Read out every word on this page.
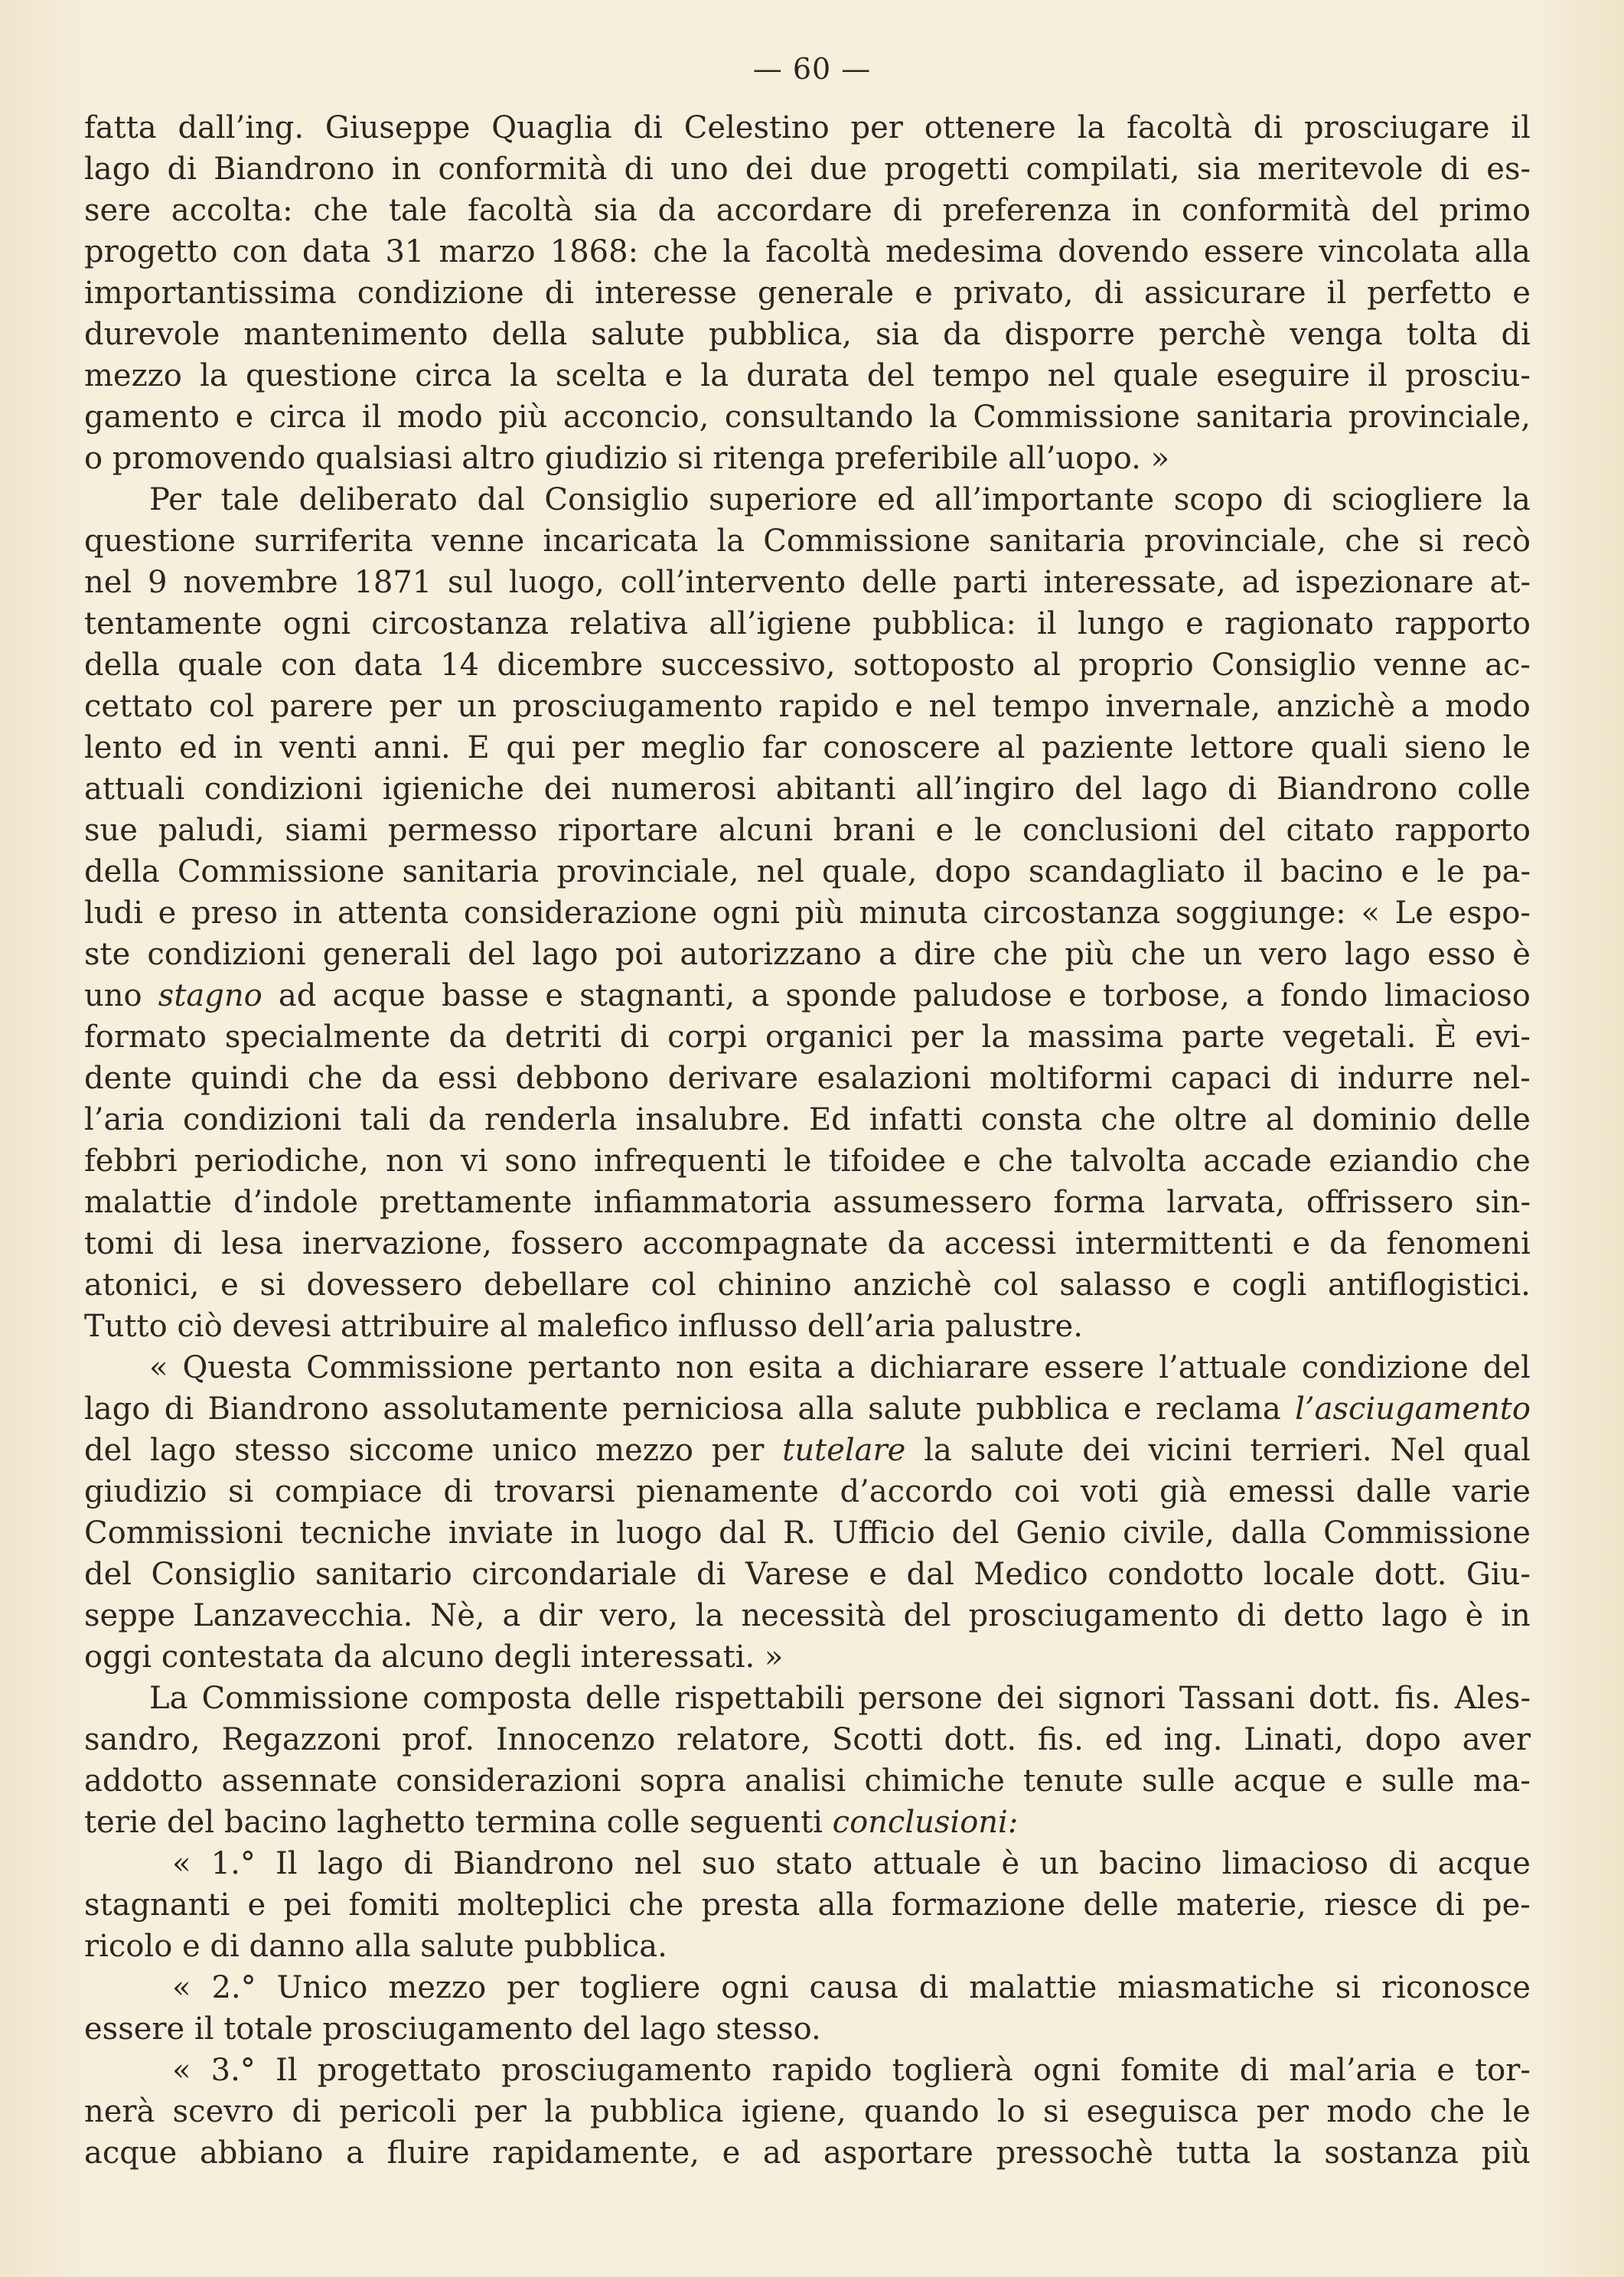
— 60 —
fatta dall’ing. Giuseppe Quaglia di Celestino per ottenere la facoltà di prosciugare il
lago di Biandrono in conformità di uno dei due progetti compilati, sia meritevole di es-
sere accolta: che tale facoltà sia da accordare di preferenza in conformità del primo
progetto con data 31 marzo 1868: che la facoltà medesima dovendo essere vincolata alla
importantissima condizione di interesse generale e privato, di assicurare il perfetto e
durevole mantenimento della salute pubblica, sia da disporre perchè venga tolta di
mezzo la questione circa la scelta e la durata del tempo nel quale eseguire il prosciu-
gamento e circa il modo più acconcio, consultando la Commissione sanitaria provinciale,
o promovendo qualsiasi altro giudizio si ritenga preferibile all’uopo. »
Per tale deliberato dal Consiglio superiore ed all’importante scopo di sciogliere la
questione surriferita venne incaricata la Commissione sanitaria provinciale, che si recò
nel 9 novembre 1871 sul luogo, coll’intervento delle parti interessate, ad ispezionare at-
tentamente ogni circostanza relativa all’igiene pubblica: il lungo e ragionato rapporto
della quale con data 14 dicembre successivo, sottoposto al proprio Consiglio venne ac-
cettato col parere per un prosciugamento rapido e nel tempo invernale, anzichè a modo
lento ed in venti anni. E qui per meglio far conoscere al paziente lettore quali sieno le
attuali condizioni igieniche dei numerosi abitanti all’ingiro del lago di Biandrono colle
sue paludi, siami permesso riportare alcuni brani e le conclusioni del citato rapporto
della Commissione sanitaria provinciale, nel quale, dopo scandagliato il bacino e le pa-
ludi e preso in attenta considerazione ogni più minuta circostanza soggiunge: « Le espo-
ste condizioni generali del lago poi autorizzano a dire che più che un vero lago esso è
uno stagno ad acque basse e stagnanti, a sponde paludose e torbose, a fondo limacioso
formato specialmente da detriti di corpi organici per la massima parte vegetali. È evi-
dente quindi che da essi debbono derivare esalazioni moltiformi capaci di indurre nel-
l’aria condizioni tali da renderla insalubre. Ed infatti consta che oltre al dominio delle
febbri periodiche, non vi sono infrequenti le tifoidee e che talvolta accade eziandio che
malattie d’indole prettamente infiammatoria assumessero forma larvata, offrissero sin-
tomi di lesa inervazione, fossero accompagnate da accessi intermittenti e da fenomeni
atonici, e si dovessero debellare col chinino anzichè col salasso e cogli antiflogistici.
Tutto ciò devesi attribuire al malefico influsso dell’aria palustre.
« Questa Commissione pertanto non esita a dichiarare essere l’attuale condizione del
lago di Biandrono assolutamente perniciosa alla salute pubblica e reclama l’asciugamento
del lago stesso siccome unico mezzo per tutelare la salute dei vicini terrieri. Nel qual
giudizio si compiace di trovarsi pienamente d’accordo coi voti già emessi dalle varie
Commissioni tecniche inviate in luogo dal R. Ufficio del Genio civile, dalla Commissione
del Consiglio sanitario circondariale di Varese e dal Medico condotto locale dott. Giu-
seppe Lanzavecchia. Nè, a dir vero, la necessità del prosciugamento di detto lago è in
oggi contestata da alcuno degli interessati. »
La Commissione composta delle rispettabili persone dei signori Tassani dott. fis. Ales-
sandro, Regazzoni prof. Innocenzo relatore, Scotti dott. fis. ed ing. Linati, dopo aver
addotto assennate considerazioni sopra analisi chimiche tenute sulle acque e sulle ma-
terie del bacino laghetto termina colle seguenti conclusioni:
« 1.° Il lago di Biandrono nel suo stato attuale è un bacino limacioso di acque
stagnanti e pei fomiti molteplici che presta alla formazione delle materie, riesce di pe-
ricolo e di danno alla salute pubblica.
« 2.° Unico mezzo per togliere ogni causa di malattie miasmatiche si riconosce
essere il totale prosciugamento del lago stesso.
« 3.° Il progettato prosciugamento rapido toglierà ogni fomite di mal’aria e tor-
nerà scevro di pericoli per la pubblica igiene, quando lo si eseguisca per modo che le
acque abbiano a fluire rapidamente, e ad asportare pressochè tutta la sostanza più
